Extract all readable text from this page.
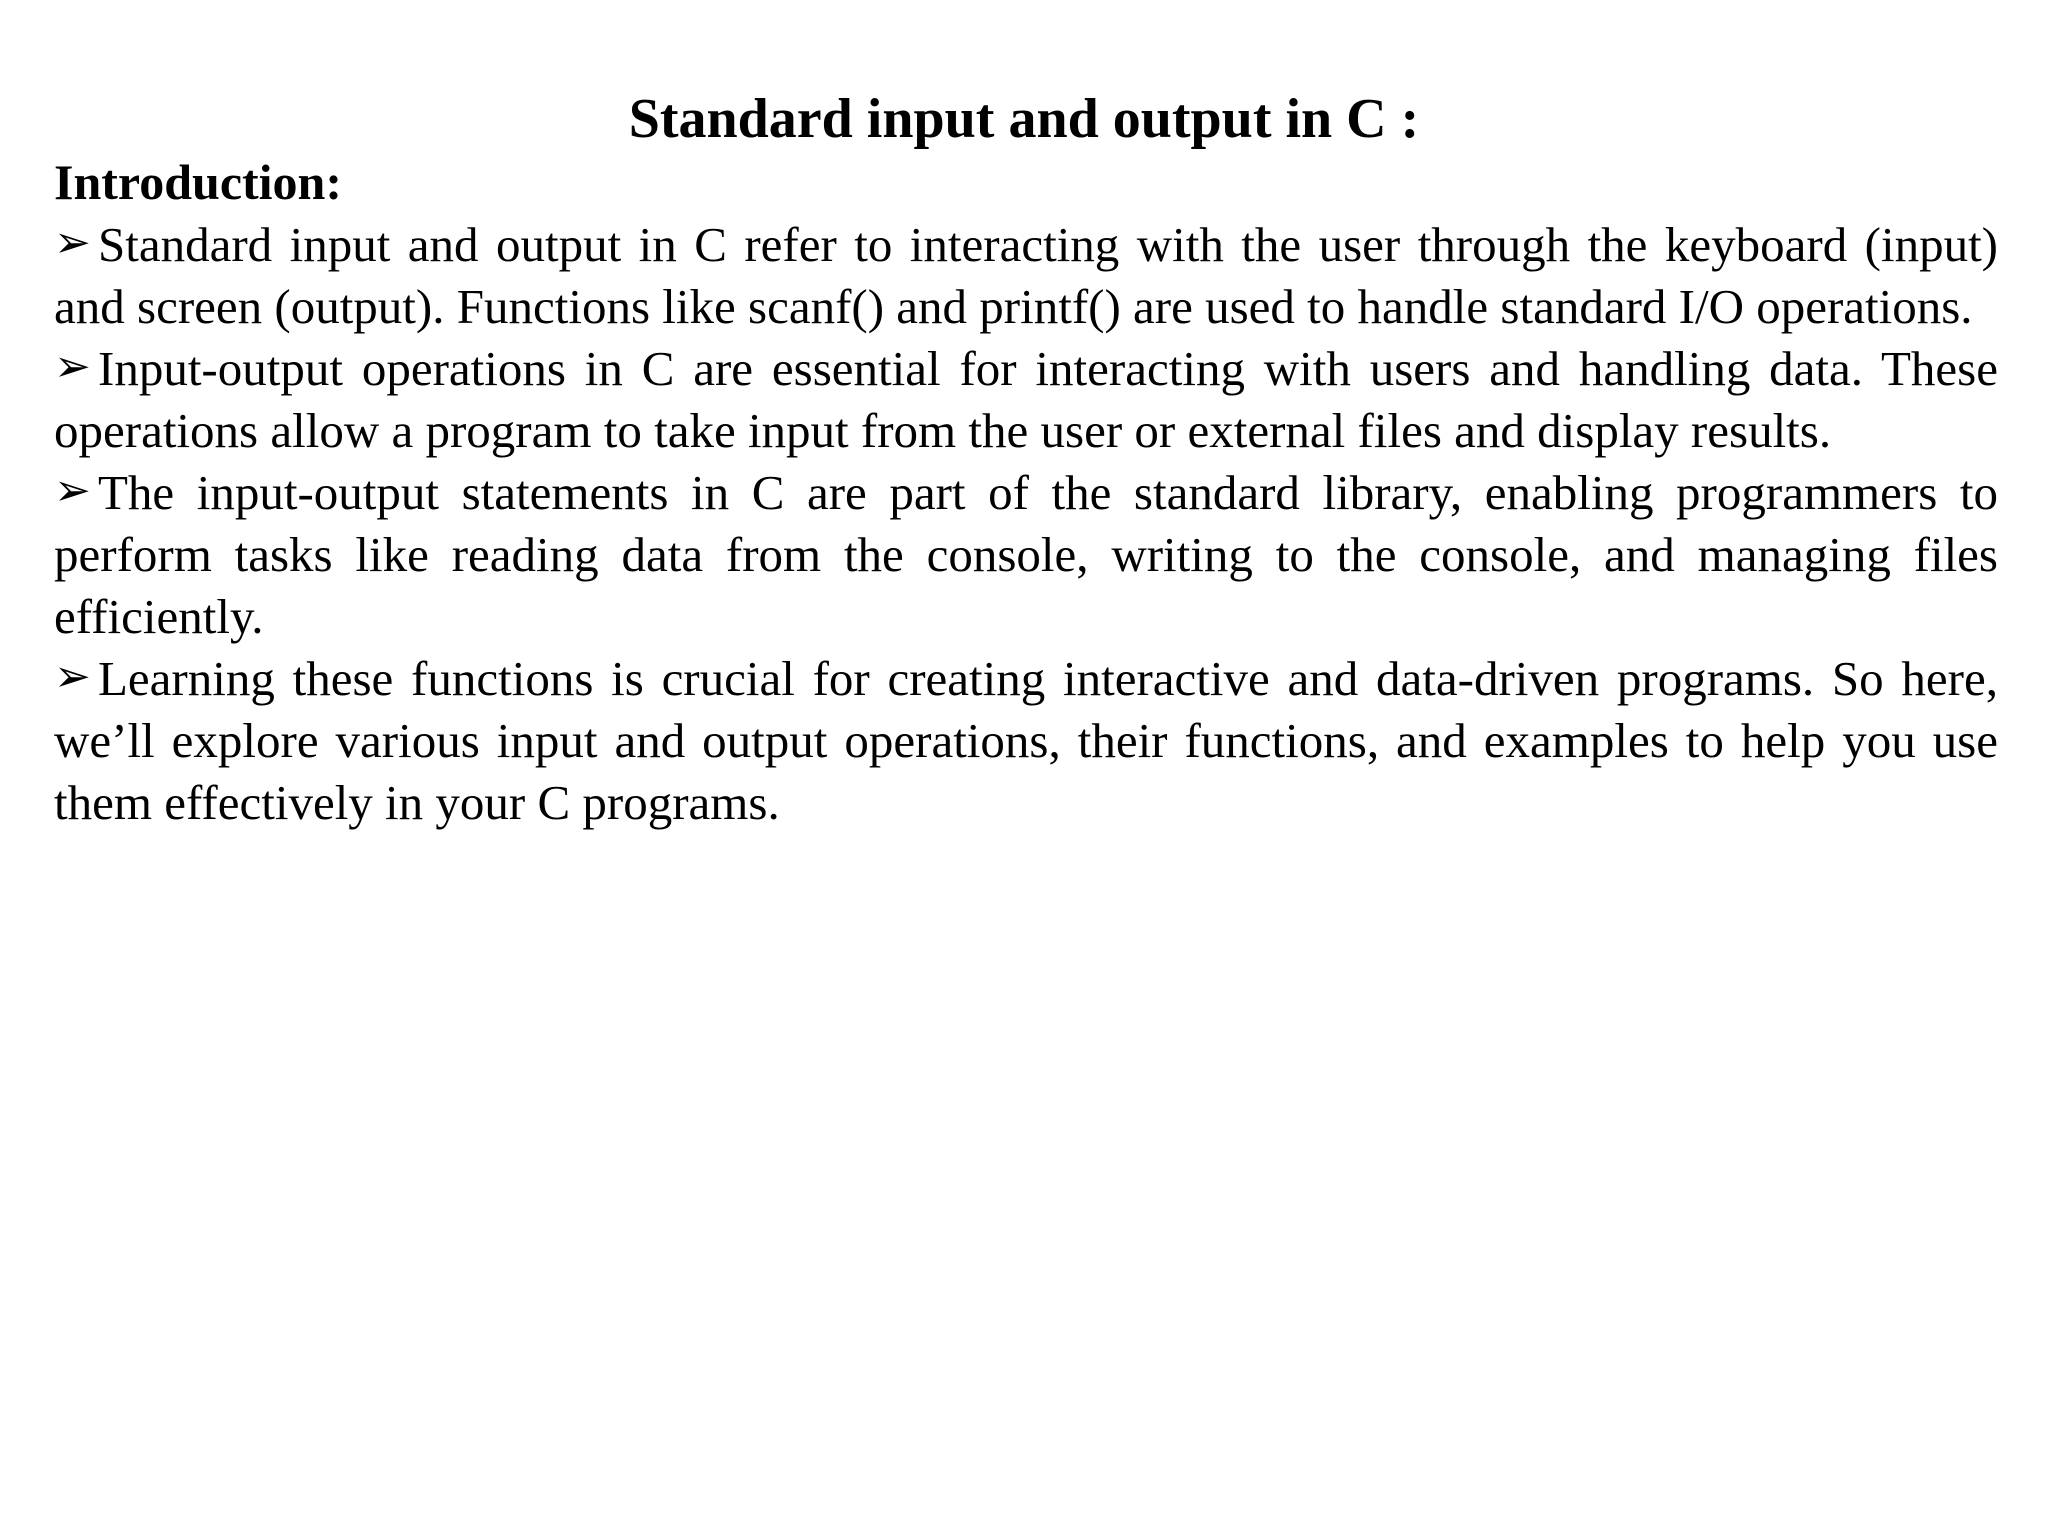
Standard input and output in C :
Introduction:
➢ Standard input and output in C refer to interacting with the user through the keyboard (input) and screen (output). Functions like scanf() and printf() are used to handle standard I/O operations.
➢ Input-output operations in C are essential for interacting with users and handling data. These operations allow a program to take input from the user or external files and display results.
➢ The input-output statements in C are part of the standard library, enabling programmers to perform tasks like reading data from the console, writing to the console, and managing files efficiently.
➢ Learning these functions is crucial for creating interactive and data-driven programs. So here, we’ll explore various input and output operations, their functions, and examples to help you use them effectively in your C programs.
